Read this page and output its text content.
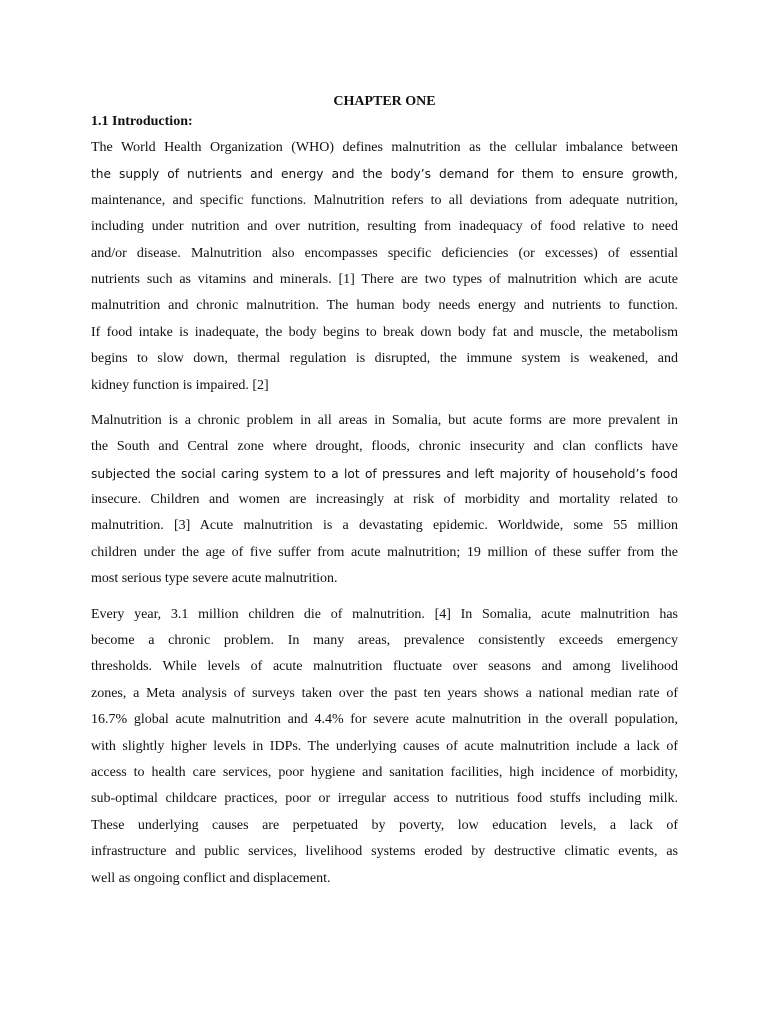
CHAPTER ONE
1.1 Introduction:

The World Health Organization (WHO) defines malnutrition as the cellular imbalance between
the supply of nutrients and energy and the body’s demand for them to ensure growth,
maintenance, and specific functions. Malnutrition refers to all deviations from adequate nutrition,
including under nutrition and over nutrition, resulting from inadequacy of food relative to need
and/or disease. Malnutrition also encompasses specific deficiencies (or excesses) of essential
nutrients such as vitamins and minerals. [1] There are two types of malnutrition which are acute
malnutrition and chronic malnutrition. The human body needs energy and nutrients to function.
If food intake is inadequate, the body begins to break down body fat and muscle, the metabolism
begins to slow down, thermal regulation is disrupted, the immune system is weakened, and
kidney function is impaired. [2]

Malnutrition is a chronic problem in all areas in Somalia, but acute forms are more prevalent in
the South and Central zone where drought, floods, chronic insecurity and clan conflicts have
subjected the social caring system to a lot of pressures and left majority of household’s food
insecure. Children and women are increasingly at risk of morbidity and mortality related to
malnutrition. [3] Acute malnutrition is a devastating epidemic. Worldwide, some 55 million
children under the age of five suffer from acute malnutrition; 19 million of these suffer from the
most serious type severe acute malnutrition.

Every year, 3.1 million children die of malnutrition. [4] In Somalia, acute malnutrition has
become a chronic problem. In many areas, prevalence consistently exceeds emergency
thresholds. While levels of acute malnutrition fluctuate over seasons and among livelihood
zones, a Meta analysis of surveys taken over the past ten years shows a national median rate of
16.7% global acute malnutrition and 4.4% for severe acute malnutrition in the overall population,
with slightly higher levels in IDPs. The underlying causes of acute malnutrition include a lack of
access to health care services, poor hygiene and sanitation facilities, high incidence of morbidity,
sub-optimal childcare practices, poor or irregular access to nutritious food stuffs including milk.
These underlying causes are perpetuated by poverty, low education levels, a lack of
infrastructure and public services, livelihood systems eroded by destructive climatic events, as
well as ongoing conflict and displacement.
